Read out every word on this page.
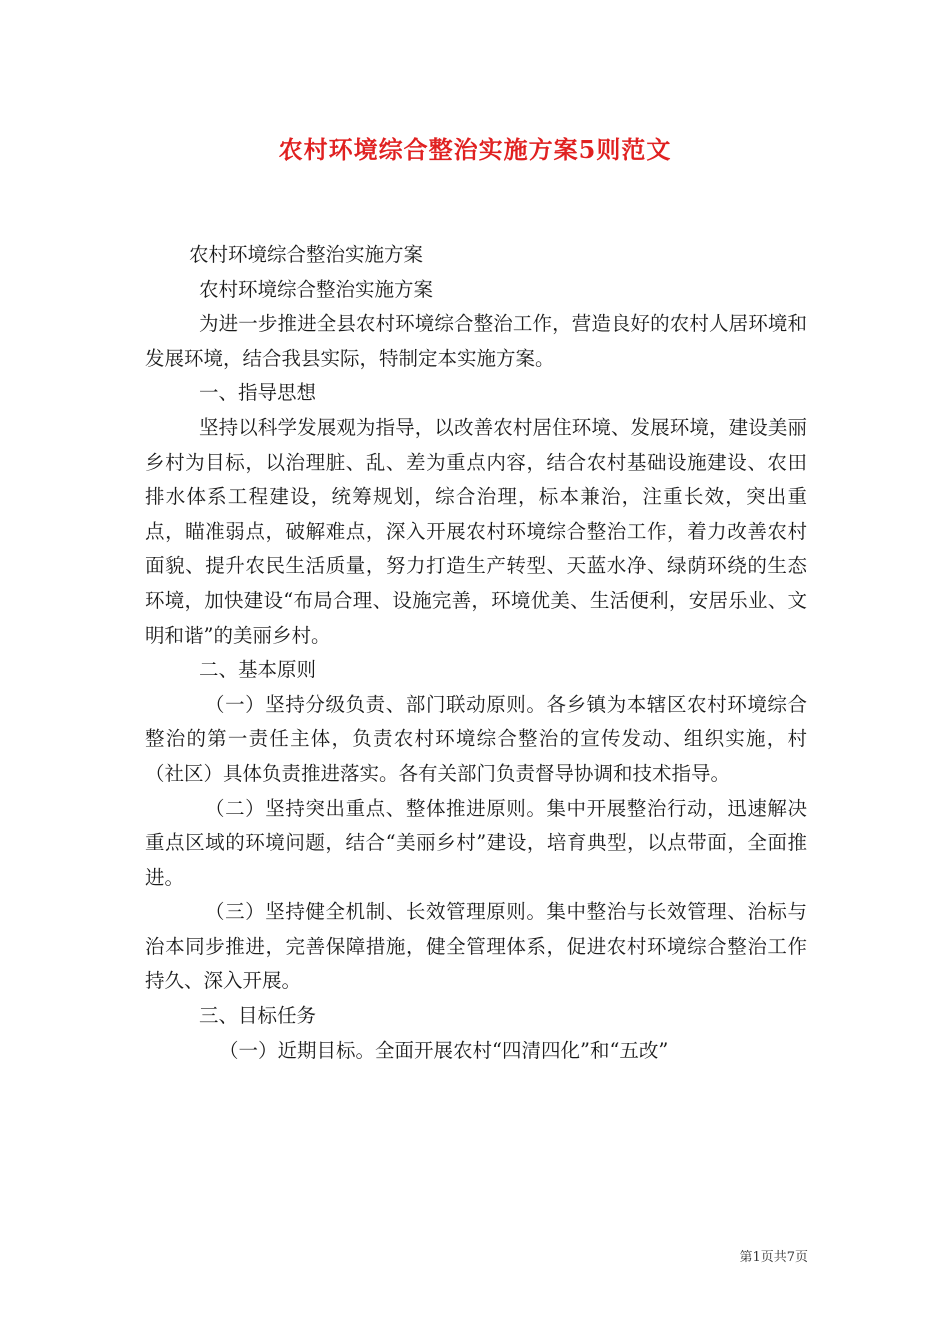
农村环境综合整治实施方案5则范文

农村环境综合整治实施方案

农村环境综合整治实施方案

为进一步推进全县农村环境综合整治工作，营造良好的农村人居环境和发展环境，结合我县实际，特制定本实施方案。

一、指导思想

坚持以科学发展观为指导，以改善农村居住环境、发展环境，建设美丽乡村为目标，以治理脏、乱、差为重点内容，结合农村基础设施建设、农田排水体系工程建设，统筹规划，综合治理，标本兼治，注重长效，突出重点，瞄准弱点，破解难点，深入开展农村环境综合整治工作，着力改善农村面貌、提升农民生活质量，努力打造生产转型、天蓝水净、绿荫环绕的生态环境，加快建设“布局合理、设施完善，环境优美、生活便利，安居乐业、文明和谐”的美丽乡村。

二、基本原则

（一）坚持分级负责、部门联动原则。各乡镇为本辖区农村环境综合整治的第一责任主体，负责农村环境综合整治的宣传发动、组织实施，村（社区）具体负责推进落实。各有关部门负责督导协调和技术指导。

（二）坚持突出重点、整体推进原则。集中开展整治行动，迅速解决重点区域的环境问题，结合“美丽乡村”建设，培育典型，以点带面，全面推进。

（三）坚持健全机制、长效管理原则。集中整治与长效管理、治标与治本同步推进，完善保障措施，健全管理体系，促进农村环境综合整治工作持久、深入开展。

三、目标任务

（一）近期目标。全面开展农村“四清四化”和“五改”

第1页共7页
